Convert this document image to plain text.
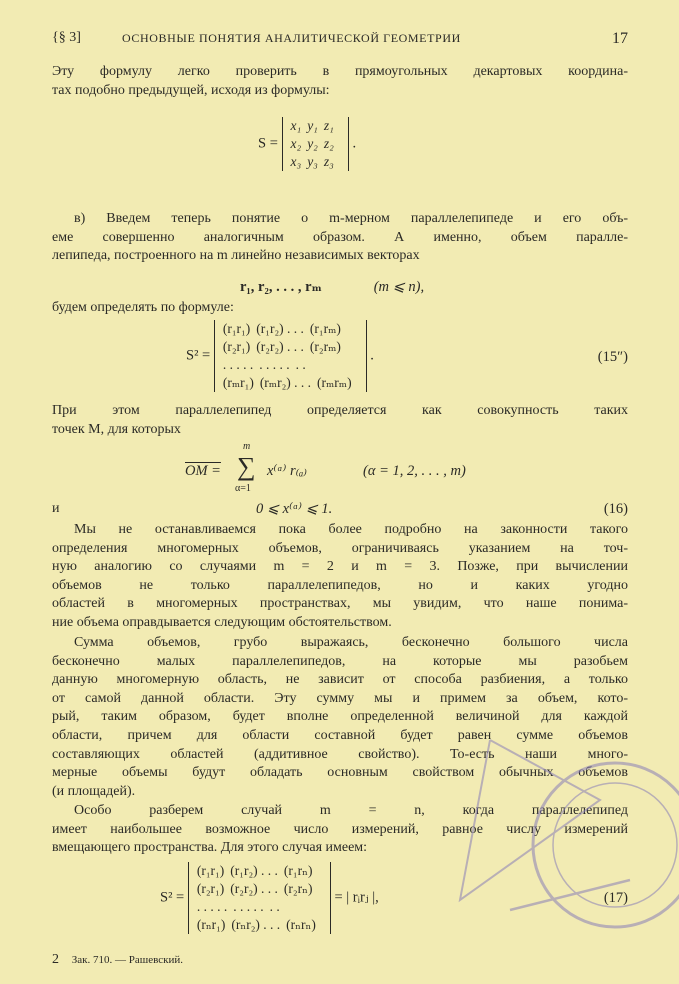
{§ 3]	ОСНОВНЫЕ ПОНЯТИЯ АНАЛИТИЧЕСКОЙ ГЕОМЕТРИИ	17
Эту формулу легко проверить в прямоугольных декартовых координа-
тах подобно предыдущей, исходя из формулы:
S =
x₁ y₁ z₁
x₂ y₂ z₂
x₃ y₃ z₃
.
в) Введем теперь понятие о m-мерном параллелепипеде и его объ-
еме совершенно аналогичным образом. А именно, объем паралле-
лепипеда, построенного на m линейно независимых векторах
r₁, r₂, . . . , rₘ	(m ⩽ n),
будем определять по формуле:
S² =
(r₁r₁) (r₁r₂) . . . (r₁rₘ)
(r₂r₁) (r₂r₂) . . . (r₂rₘ)
. . . . . . . . . . . .
(rₘr₁) (rₘr₂) . . . (rₘrₘ)
.	(15″)
При этом параллелепипед определяется как совокупность таких
точек M, для которых
OM =
m
∑
α=1
x⁽ᵅ⁾ r₍ₐ₎	(α = 1, 2, . . . , m)
и	0 ⩽ x⁽ᵅ⁾ ⩽ 1.	(16)
Мы не останавливаемся пока более подробно на законности такого
определения многомерных объемов, ограничиваясь указанием на точ-
ную аналогию со случаями m = 2 и m = 3. Позже, при вычислении
объемов не только параллелепипедов, но и каких угодно
областей в многомерных пространствах, мы увидим, что наше понима-
ние объема оправдывается следующим обстоятельством.
Сумма объемов, грубо выражаясь, бесконечно большого числа
бесконечно малых параллелепипедов, на которые мы разобьем
данную многомерную область, не зависит от способа разбиения, а только
от самой данной области. Эту сумму мы и примем за объем, кото-
рый, таким образом, будет вполне определенной величиной для каждой
области, причем для области составной будет равен сумме объемов
составляющих областей (аддитивное свойство). То-есть наши много-
мерные объемы будут обладать основным свойством обычных объемов
(и площадей).
Особо разберем случай m = n, когда параллелепипед
имеет наибольшее возможное число измерений, равное числу измерений
вмещающего пространства. Для этого случая имеем:
S² =
(r₁r₁) (r₁r₂) . . . (r₁rₙ)
(r₂r₁) (r₂r₂) . . . (r₂rₙ)
. . . . . . . . . . . .
(rₙr₁) (rₙr₂) . . . (rₙrₙ)
= | rᵢrⱼ |,	(17)
2 Зак. 710. — Рашевский.
